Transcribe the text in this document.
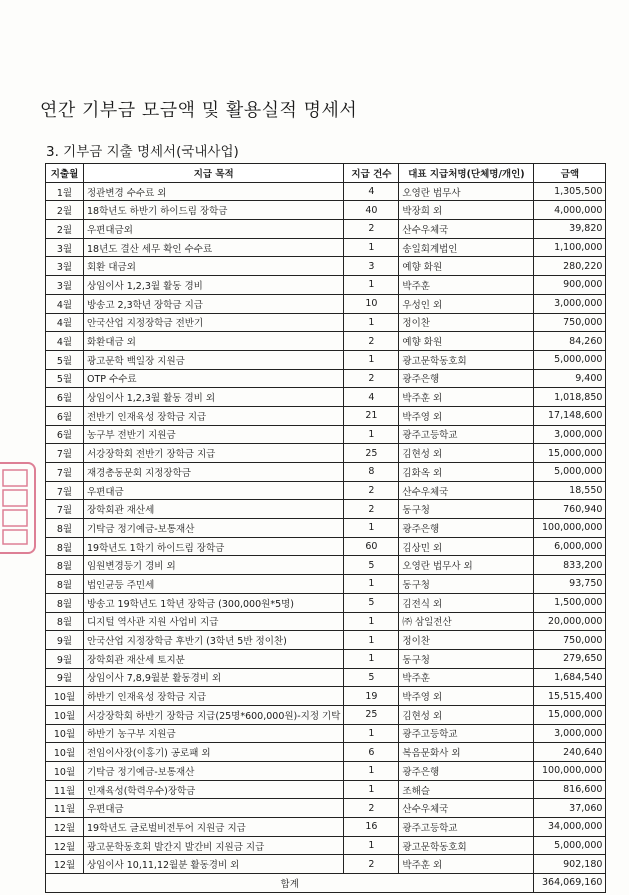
연간 기부금 모금액 및 활용실적 명세서
3. 기부금 지출 명세서(국내사업)
지출월	지급 목적	지급 건수	대표 지급처명(단체명/개인)	금액
1월	정관변경 수수료 외	4	오영란 법무사	1,305,500
2월	18학년도 하반기 하이드림 장학금	40	박장희 외	4,000,000
2월	우편대금외	2	산수우체국	39,820
3월	18년도 결산 세무 확인 수수료	1	송일회계법인	1,100,000
3월	회환 대금외	3	예향 화원	280,220
3월	상임이사 1,2,3월 활동 경비	1	박주훈	900,000
4월	방송고 2,3학년 장학금 지급	10	우성인 외	3,000,000
4월	안국산업 지정장학금 전반기	1	정이찬	750,000
4월	화환대금 외	2	예향 화원	84,260
5월	광고문학 백일장 지원금	1	광고문학동호회	5,000,000
5월	OTP 수수료	2	광주은행	9,400
6월	상임이사 1,2,3월 활동 경비 외	4	박주훈 외	1,018,850
6월	전반기 인재육성 장학금 지급	21	박주영 외	17,148,600
6월	농구부 전반기 지원금	1	광주고등학교	3,000,000
7월	서강장학회 전반기 장학금 지급	25	김현성 외	15,000,000
7월	재경총동문회 지정장학금	8	김화옥 외	5,000,000
7월	우편대금	2	산수우체국	18,550
7월	장학회관 재산세	2	동구청	760,940
8월	기탁금 정기예금-보통재산	1	광주은행	100,000,000
8월	19학년도 1학기 하이드림 장학금	60	김상민 외	6,000,000
8월	임원변경등기 경비 외	5	오영란 법무사 외	833,200
8월	법인균등 주민세	1	동구청	93,750
8월	방송고 19학년도 1학년 장학금 (300,000원*5명)	5	김전식 외	1,500,000
8월	디지털 역사관 지원 사업비 지급	1	㈜ 삼일전산	20,000,000
9월	안국산업 지정장학금 후반기 (3학년 5반 정이찬)	1	정이찬	750,000
9월	장학회관 재산세 토지분	1	동구청	279,650
9월	상임이사 7,8,9월분 활동경비 외	5	박주훈	1,684,540
10월	하반기 인재육성 장학금 지급	19	박주영 외	15,515,400
10월	서강장학회 하반기 장학금 지급(25명*600,000원)-지정 기탁	25	김현성 외	15,000,000
10월	하반기 농구부 지원금	1	광주고등학교	3,000,000
10월	전임이사장(이홍기) 공로패 외	6	복음문화사 외	240,640
10월	기탁금 정기예금-보통재산	1	광주은행	100,000,000
11월	인재육성(학력우수)장학금	1	조해슬	816,600
11월	우편대금	2	산수우체국	37,060
12월	19학년도 글로벌비전투어 지원금 지급	16	광주고등학교	34,000,000
12월	광고문학동호회 발간지 발간비 지원금 지급	1	광고문학동호회	5,000,000
12월	상임이사 10,11,12월분 활동경비 외	2	박주훈 외	902,180
합계				364,069,160
